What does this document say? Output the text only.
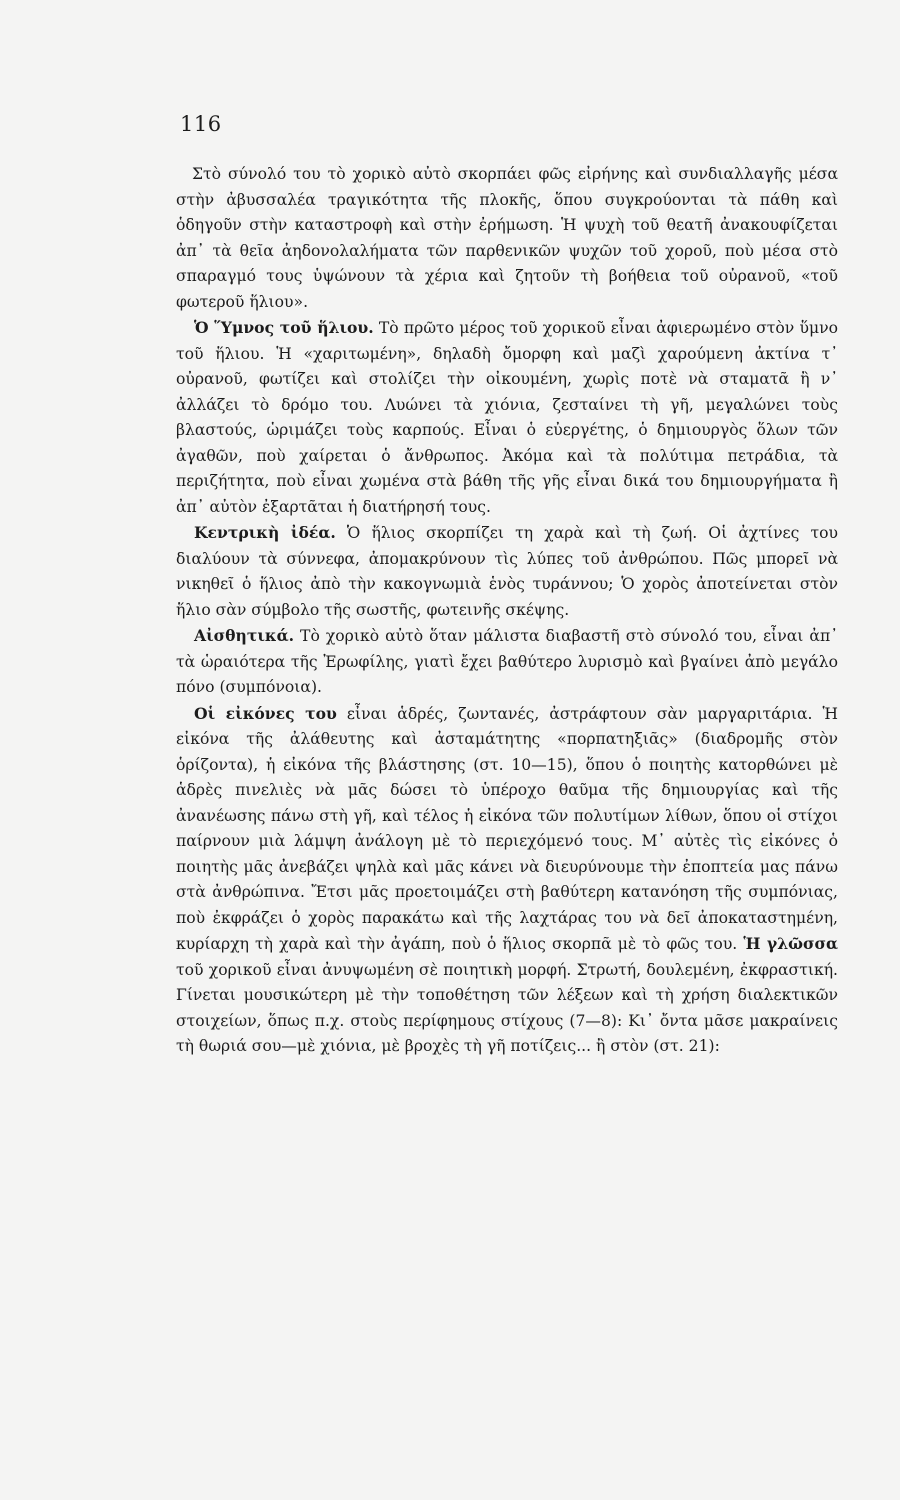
116

Στὸ σύνολό του τὸ χορικὸ αὐτὸ σκορπάει φῶς εἰρήνης καὶ συνδιαλλαγῆς μέσα στὴν ἀβυσσαλέα τραγικότητα τῆς πλοκῆς, ὅπου συγκρούονται τὰ πάθη καὶ ὁδηγοῦν στὴν καταστροφὴ καὶ στὴν ἐρήμωση. Ἡ ψυχὴ τοῦ θεατῆ ἀνακουφίζεται ἀπ᾽ τὰ θεῖα ἀηδονολαλήματα τῶν παρθενικῶν ψυχῶν τοῦ χοροῦ, ποὺ μέσα στὸ σπαραγμό τους ὑψώνουν τὰ χέρια καὶ ζητοῦν τὴ βοήθεια τοῦ οὐρανοῦ, «τοῦ φωτεροῦ ἥλιου».

Ὁ Ὕμνος τοῦ ἥλιου. Τὸ πρῶτο μέρος τοῦ χορικοῦ εἶναι ἀφιερωμένο στὸν ὕμνο τοῦ ἥλιου. Ἡ «χαριτωμένη», δηλαδὴ ὄμορφη καὶ μαζὶ χαρούμενη ἀκτίνα τ᾽ οὐρανοῦ, φωτίζει καὶ στολίζει τὴν οἰκουμένη, χωρὶς ποτὲ νὰ σταματᾶ ἢ ν᾽ ἀλλάζει τὸ δρόμο του. Λυώνει τὰ χιόνια, ζεσταίνει τὴ γῆ, μεγαλώνει τοὺς βλαστούς, ὡριμάζει τοὺς καρπούς. Εἶναι ὁ εὐεργέτης, ὁ δημιουργὸς ὅλων τῶν ἀγαθῶν, ποὺ χαίρεται ὁ ἄνθρωπος. Ἀκόμα καὶ τὰ πολύτιμα πετράδια, τὰ περιζήτητα, ποὺ εἶναι χωμένα στὰ βάθη τῆς γῆς εἶναι δικά του δημιουργήματα ἢ ἀπ᾽ αὐτὸν ἐξαρτᾶται ἡ διατήρησή τους.

Κεντρικὴ ἰδέα. Ὁ ἥλιος σκορπίζει τη χαρὰ καὶ τὴ ζωή. Οἱ ἀχτίνες του διαλύουν τὰ σύννεφα, ἀπομακρύνουν τὶς λύπες τοῦ ἀνθρώπου. Πῶς μπορεῖ νὰ νικηθεῖ ὁ ἥλιος ἀπὸ τὴν κακογνωμιὰ ἑνὸς τυράννου; Ὁ χορὸς ἀποτείνεται στὸν ἥλιο σὰν σύμβολο τῆς σωστῆς, φωτεινῆς σκέψης.

Αἰσθητικά. Τὸ χορικὸ αὐτὸ ὅταν μάλιστα διαβαστῆ στὸ σύνολό του, εἶναι ἀπ᾽ τὰ ὡραιότερα τῆς Ἐρωφίλης, γιατὶ ἔχει βαθύτερο λυρισμὸ καὶ βγαίνει ἀπὸ μεγάλο πόνο (συμπόνοια).

Οἱ εἰκόνες του εἶναι ἁδρές, ζωντανές, ἀστράφτουν σὰν μαργαριτάρια. Ἡ εἰκόνα τῆς ἀλάθευτης καὶ ἀσταμάτητης «πορπατηξιᾶς» (διαδρομῆς στὸν ὁρίζοντα), ἡ εἰκόνα τῆς βλάστησης (στ. 10—15), ὅπου ὁ ποιητὴς κατορθώνει μὲ ἁδρὲς πινελιὲς νὰ μᾶς δώσει τὸ ὑπέροχο θαῦμα τῆς δημιουργίας καὶ τῆς ἀνανέωσης πάνω στὴ γῆ, καὶ τέλος ἡ εἰκόνα τῶν πολυτίμων λίθων, ὅπου οἱ στίχοι παίρνουν μιὰ λάμψη ἀνάλογη μὲ τὸ περιεχόμενό τους. Μ᾽ αὐτὲς τὶς εἰκόνες ὁ ποιητὴς μᾶς ἀνεβάζει ψηλὰ καὶ μᾶς κάνει νὰ διευρύνουμε τὴν ἐποπτεία μας πάνω στὰ ἀνθρώπινα. Ἔτσι μᾶς προετοιμάζει στὴ βαθύτερη κατανόηση τῆς συμπόνιας, ποὺ ἐκφράζει ὁ χορὸς παρακάτω καὶ τῆς λαχτάρας του νὰ δεῖ ἀποκαταστημένη, κυρίαρχη τὴ χαρὰ καὶ τὴν ἀγάπη, ποὺ ὁ ἥλιος σκορπᾶ μὲ τὸ φῶς του. Ἡ γλῶσσα τοῦ χορικοῦ εἶναι ἀνυψωμένη σὲ ποιητικὴ μορφή. Στρωτή, δουλεμένη, ἐκφραστική. Γίνεται μουσικώτερη μὲ τὴν τοποθέτηση τῶν λέξεων καὶ τὴ χρήση διαλεκτικῶν στοιχείων, ὅπως π.χ. στοὺς περίφημους στίχους (7—8): Κι᾽ ὄντα μᾶσε μακραίνεις τὴ θωριά σου—μὲ χιόνια, μὲ βροχὲς τὴ γῆ ποτίζεις... ἢ στὸν (στ. 21):
